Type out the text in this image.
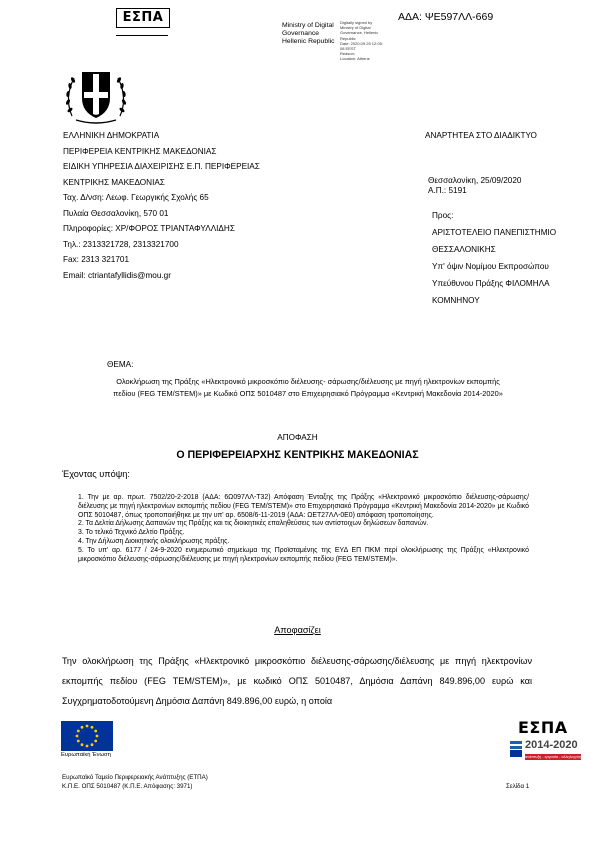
ΕΣΠΑ
Ministry of Digital
Governance
Hellenic Republic
Digitally signed by
Ministry of Digital
Governance, Hellenic
Republic
Date: 2020.09.25 12:05:
08 EEST
Reason:
Location: Athens
ΑΔΑ: ΨΕ597ΛΛ-669
ΕΛΛΗΝΙΚΗ ΔΗΜΟΚΡΑΤΙΑ
ΠΕΡΙΦΕΡΕΙΑ ΚΕΝΤΡΙΚΗΣ ΜΑΚΕΔΟΝΙΑΣ
ΕΙΔΙΚΗ ΥΠΗΡΕΣΙΑ ΔΙΑΧΕΙΡΙΣΗΣ Ε.Π. ΠΕΡΙΦΕΡΕΙΑΣ
ΚΕΝΤΡΙΚΗΣ ΜΑΚΕΔΟΝΙΑΣ
Ταχ. Δ/νση: Λεωφ. Γεωργικής Σχολής 65
Πυλαία Θεσσαλονίκη, 570 01
Πληροφορίες: ΧΡ/ΦΟΡΟΣ ΤΡΙΑΝΤΑΦΥΛΛΙΔΗΣ
Τηλ.: 2313321728, 2313321700
Fax: 2313 321701
Email: ctriantafyllidis@mou.gr
ΑΝΑΡΤΗΤΕΑ ΣΤΟ ΔΙΑΔΙΚΤΥΟ
Θεσσαλονίκη, 25/09/2020
Α.Π.: 5191
Προς:
ΑΡΙΣΤΟΤΕΛΕΙΟ ΠΑΝΕΠΙΣΤΗΜΙΟ
ΘΕΣΣΑΛΟΝΙΚΗΣ
Υπ' όψιν Νομίμου Εκπροσώπου
Υπεύθυνου Πράξης ΦΙΛΟΜΗΛΑ
ΚΟΜΝΗΝΟΥ
ΘΕΜΑ:
Ολοκλήρωση της Πράξης «Ηλεκτρονικό μικροσκόπιο διέλευσης- σάρωσης/διέλευσης με πηγή ηλεκτρονίων εκπομπής
πεδίου (FEG TEM/STEM)» με Κωδικό ΟΠΣ 5010487 στο Επιχειρησιακό Πρόγραμμα «Κεντρική Μακεδονία 2014-2020»
ΑΠΟΦΑΣΗ
Ο ΠΕΡΙΦΕΡΕΙΑΡΧΗΣ ΚΕΝΤΡΙΚΗΣ ΜΑΚΕΔΟΝΙΑΣ
Έχοντας υπόψη:
1. Την με αρ. πρωτ. 7502/20-2-2018 (ΑΔΑ: 6Ω097ΛΛ-Τ32) Απόφαση Ένταξης της Πράξης «Ηλεκτρονικό μικροσκόπιο διέλευσης-σάρωσης/διέλευσης με πηγή ηλεκτρονίων εκπομπής πεδίου (FEG TEM/STEM)» στο Επιχειρησιακό Πρόγραμμα «Κεντρική Μακεδονία 2014-2020» με Κωδικό ΟΠΣ 5010487, όπως τροποποιήθηκε με την υπ' αρ. 6508/6-11-2019 (ΑΔΑ: ΩΕΤ27ΛΛ-0Ε0) απόφαση τροποποίησης.
2. Τα Δελτία Δήλωσης Δαπανών της Πράξης και τις διοικητικές επαληθεύσεις των αντίστοιχων δηλώσεων δαπανών.
3. Το τελικό Τεχνικό Δελτίο Πράξης.
4. Την Δήλωση Διοικητικής ολοκλήρωσης πράξης.
5. Το υπ' αρ. 6177 / 24-9-2020 ενημερωτικό σημείωμα της Προϊσταμένης της ΕΥΔ ΕΠ ΠΚΜ περί ολοκλήρωσης της Πράξης «Ηλεκτρονικό μικροσκόπιο διέλευσης-σάρωσης/διέλευσης με πηγή ηλεκτρονίων εκπομπής πεδίου (FEG TEM/STEM)».
Αποφασίζει
Την ολοκλήρωση της Πράξης «Ηλεκτρονικό μικροσκόπιο διέλευσης-σάρωσης/διέλευσης με πηγή ηλεκτρονίων εκπομπής πεδίου (FEG TEM/STEM)», με κωδικό ΟΠΣ 5010487, Δημόσια Δαπάνη 849.896,00 ευρώ και Συγχρηματοδοτούμενη Δημόσια Δαπάνη 849.896,00 ευρώ, η οποία
Ευρωπαϊκή Ένωση
ΕΣΠΑ
2014-2020
ανάπτυξη - εργασία - αλληλεγγύη
Ευρωπαϊκό Ταμείο Περιφερειακής Ανάπτυξης (ΕΤΠΑ)
Κ.Π.Ε. ΟΠΣ 5010487 (Κ.Π.Ε. Απόφασης: 3971)	Σελίδα 1
